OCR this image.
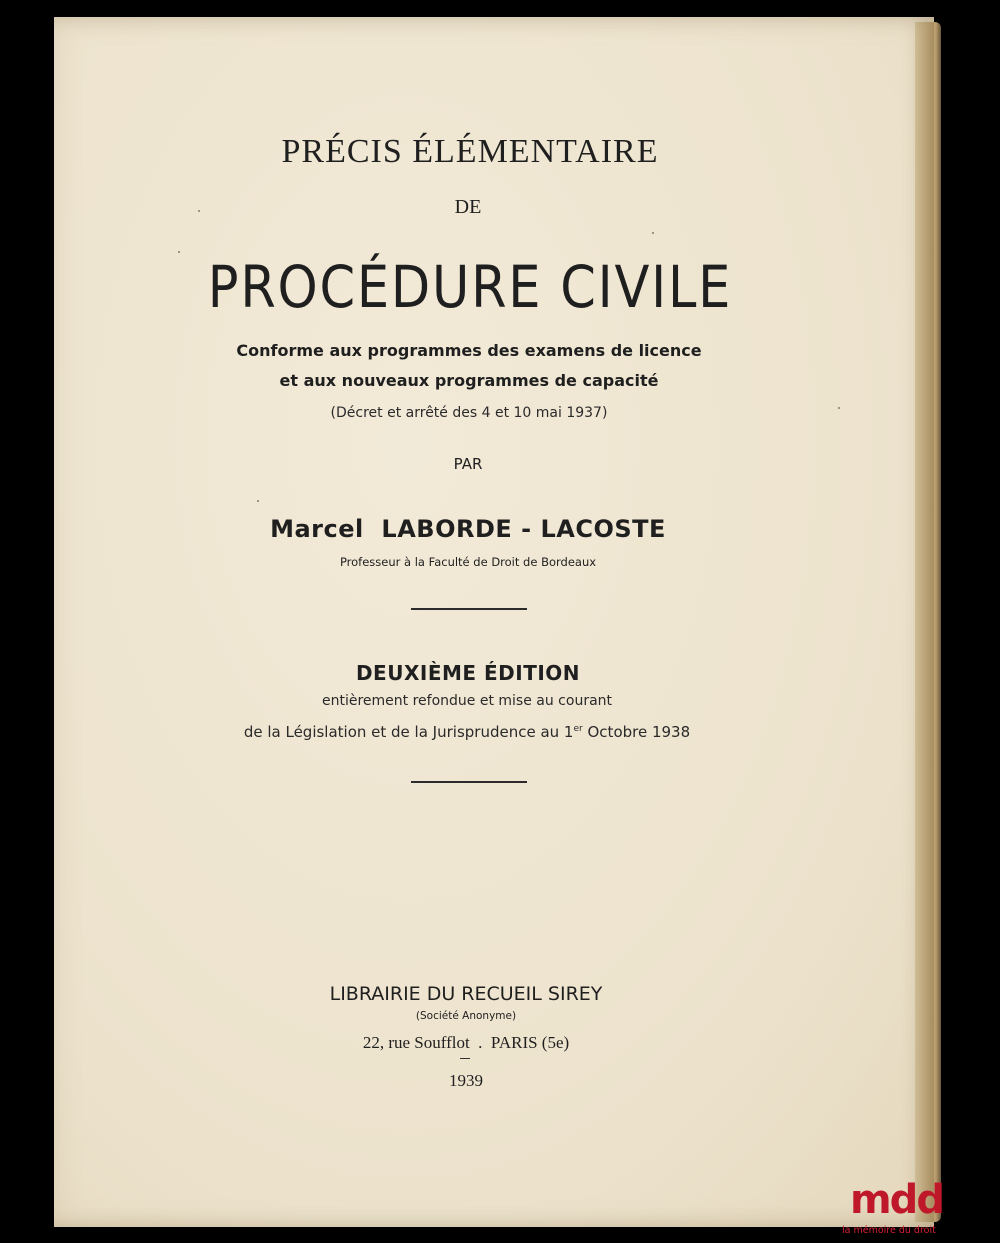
PRÉCIS ÉLÉMENTAIRE
DE
PROCÉDURE CIVILE
Conforme aux programmes des examens de licence
et aux nouveaux programmes de capacité
(Décret et arrêté des 4 et 10 mai 1937)
PAR
Marcel  LABORDE - LACOSTE
Professeur à la Faculté de Droit de Bordeaux
DEUXIÈME ÉDITION
entièrement refondue et mise au courant
de la Législation et de la Jurisprudence au 1er Octobre 1938
LIBRAIRIE DU RECUEIL SIREY
(Société Anonyme)
22, rue Soufflot  .  PARIS (5e)
1939
mdd
la mémoire du droit
